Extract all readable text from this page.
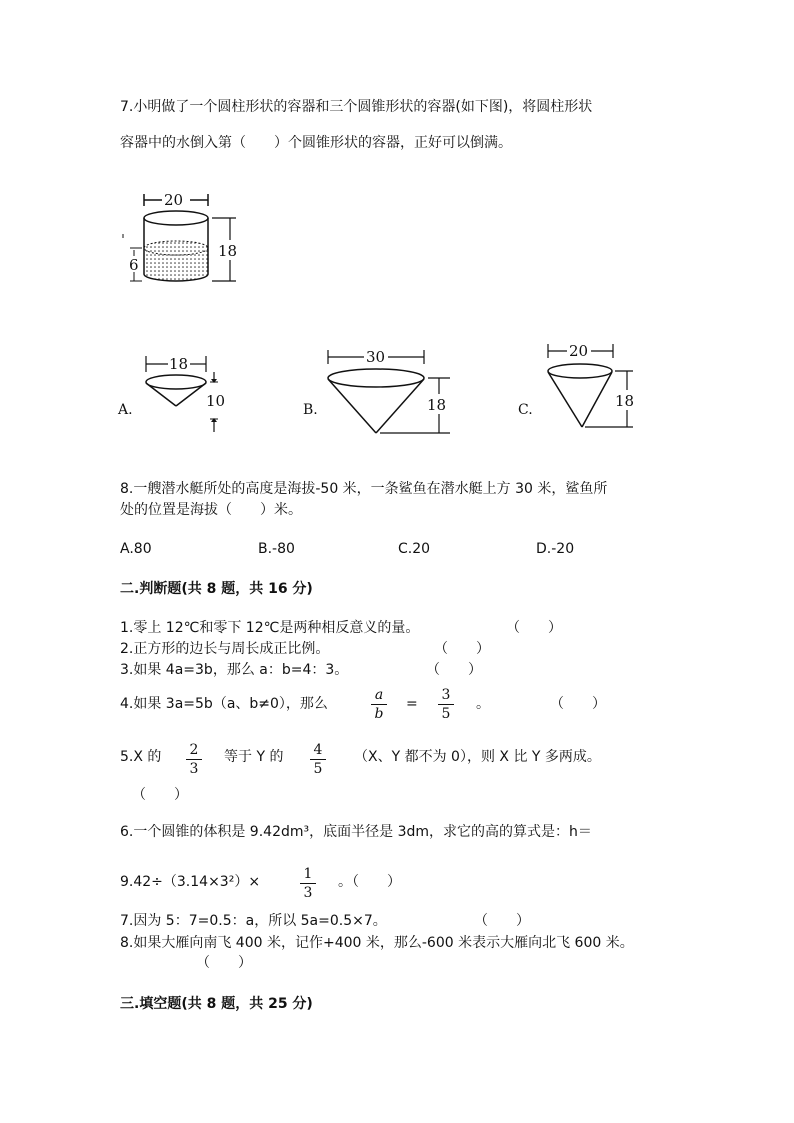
7.小明做了一个圆柱形状的容器和三个圆锥形状的容器(如下图)，将圆柱形状
容器中的水倒入第（　　）个圆锥形状的容器，正好可以倒满。
20
18
6
A.
18
10	B.
30
18	C.
20
18
8.一艘潜水艇所处的高度是海拔-50 米，一条鲨鱼在潜水艇上方 30 米，鲨鱼所
处的位置是海拔（　　）米。
A.80	B.-80	C.20	D.-20
二.判断题(共 8 题，共 16 分)
1.零上 12℃和零下 12℃是两种相反意义的量。	（　　）
2.正方形的边长与周长成正比例。	（　　）
3.如果 4a=3b，那么 a：b=4：3。	（　　）
4.如果 3a=5b（a、b≠0），那么
a
b
=
3
5
。	（　　）
5.X 的 2
3
等于 Y 的 4
5
（X、Y 都不为 0），则 X 比 Y 多两成。
（　　）
6.一个圆锥的体积是 9.42dm³，底面半径是 3dm，求它的高的算式是：h＝
9.42÷（3.14×3²）×	1
3
。（　　）
7.因为 5：7=0.5：a，所以 5a=0.5×7。	（　　）
8.如果大雁向南飞 400 米，记作+400 米，那么-600 米表示大雁向北飞 600 米。
（　　）
三.填空题(共 8 题，共 25 分)
